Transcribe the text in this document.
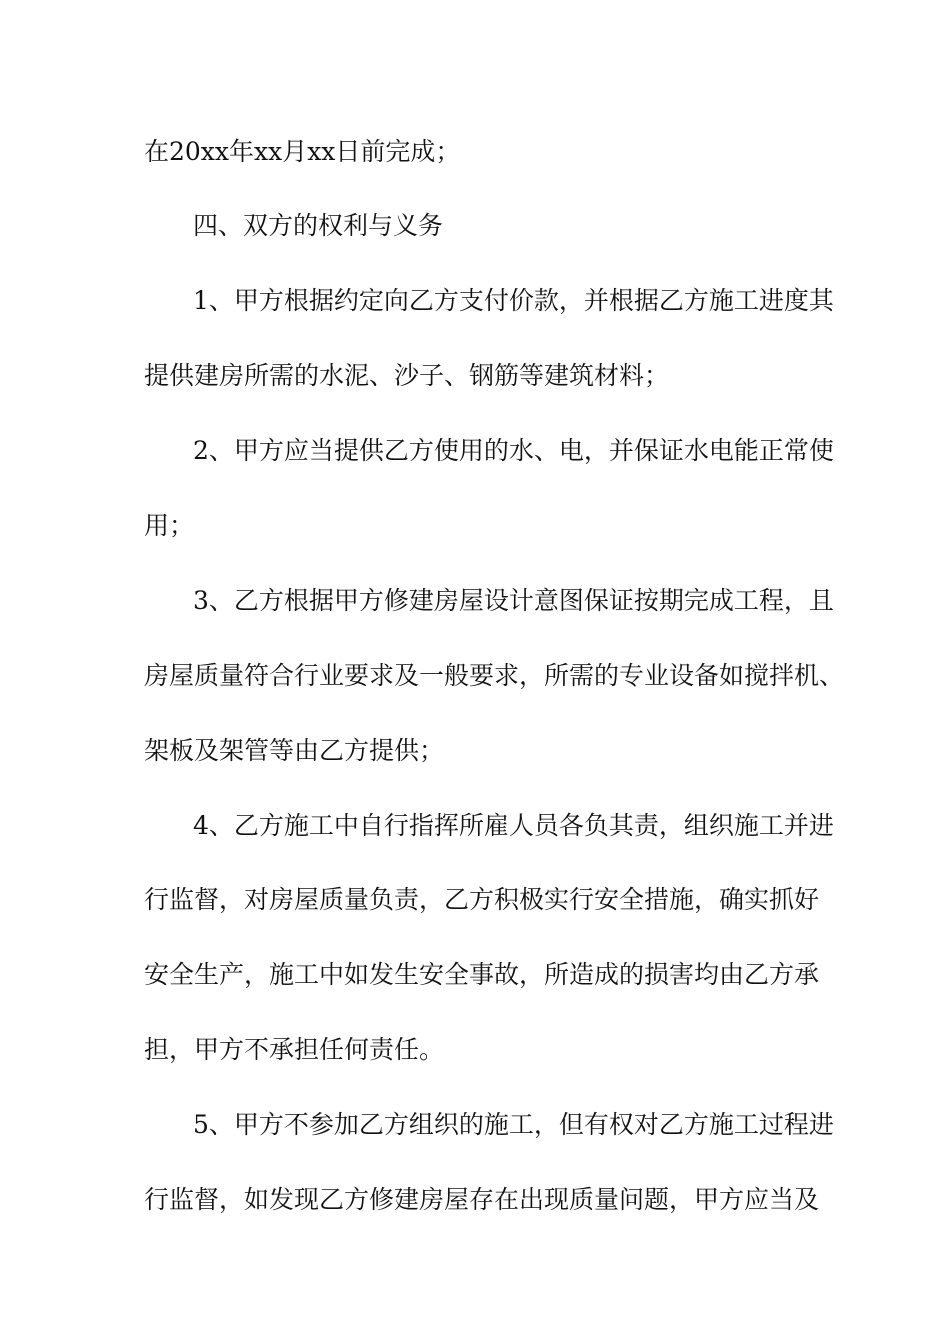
在20xx年xx月xx日前完成；

四、双方的权利与义务

1、甲方根据约定向乙方支付价款，并根据乙方施工进度其

提供建房所需的水泥、沙子、钢筋等建筑材料；

2、甲方应当提供乙方使用的水、电，并保证水电能正常使

用；

3、乙方根据甲方修建房屋设计意图保证按期完成工程，且

房屋质量符合行业要求及一般要求，所需的专业设备如搅拌机、

架板及架管等由乙方提供；

4、乙方施工中自行指挥所雇人员各负其责，组织施工并进

行监督，对房屋质量负责，乙方积极实行安全措施，确实抓好

安全生产，施工中如发生安全事故，所造成的损害均由乙方承

担，甲方不承担任何责任。

5、甲方不参加乙方组织的施工，但有权对乙方施工过程进

行监督，如发现乙方修建房屋存在出现质量问题，甲方应当及
